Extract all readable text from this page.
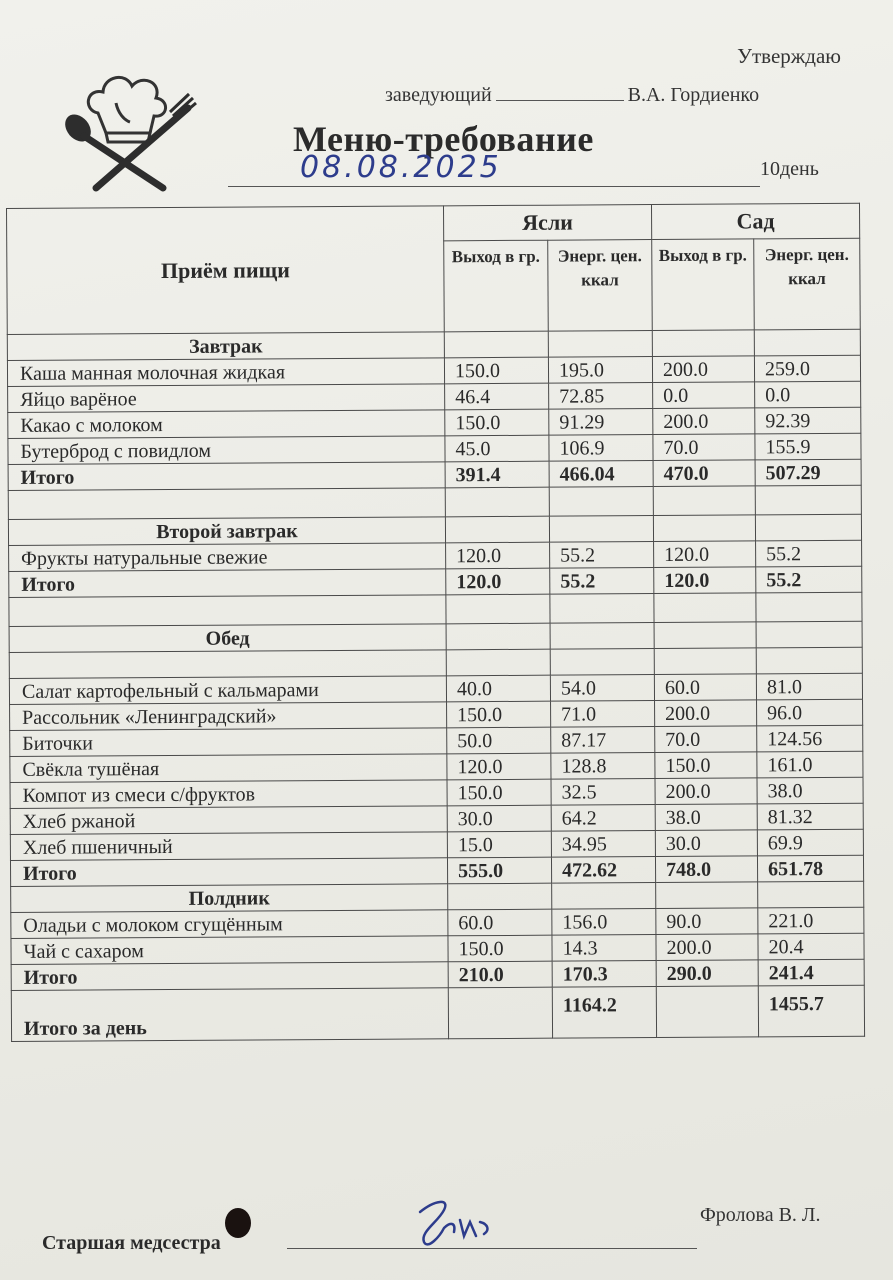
Утверждаю
заведующий	В.А. Гордиенко
Меню-требование
08.08.2025	10день
Приём пищи	Ясли		Сад	
	Выход в гр.	Энерг. цен. ккал	Выход в гр.	Энерг. цен. ккал
Завтрак				
Каша манная молочная жидкая	150.0	195.0	200.0	259.0
Яйцо варёное	46.4	72.85	0.0	0.0
Какао с молоком	150.0	91.29	200.0	92.39
Бутерброд с повидлом	45.0	106.9	70.0	155.9
Итого	391.4	466.04	470.0	507.29

Второй завтрак				
Фрукты натуральные свежие	120.0	55.2	120.0	55.2
Итого	120.0	55.2	120.0	55.2

Обед				

Салат картофельный с кальмарами	40.0	54.0	60.0	81.0
Рассольник «Ленинградский»	150.0	71.0	200.0	96.0
Биточки	50.0	87.17	70.0	124.56
Свёкла тушёная	120.0	128.8	150.0	161.0
Компот из смеси с/фруктов	150.0	32.5	200.0	38.0
Хлеб ржаной	30.0	64.2	38.0	81.32
Хлеб пшеничный	15.0	34.95	30.0	69.9
Итого	555.0	472.62	748.0	651.78
Полдник				
Оладьи с молоком сгущённым	60.0	156.0	90.0	221.0
Чай с сахаром	150.0	14.3	200.0	20.4
Итого	210.0	170.3	290.0	241.4
Итого за день		1164.2		1455.7
Старшая медсестра
Фролова В. Л.
